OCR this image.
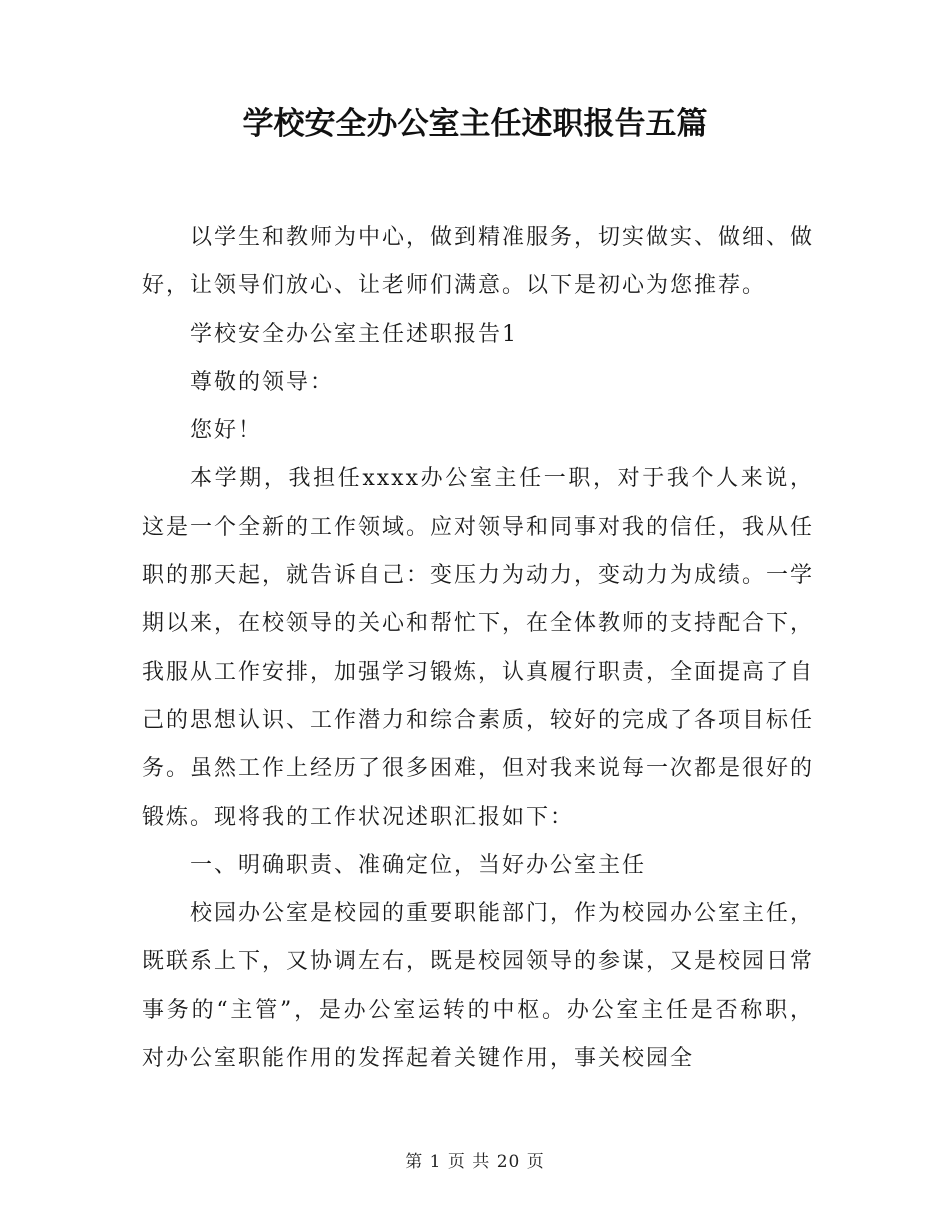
学校安全办公室主任述职报告五篇

以学生和教师为中心，做到精准服务，切实做实、做细、做好，让领导们放心、让老师们满意。以下是初心为您推荐。

学校安全办公室主任述职报告1

尊敬的领导：

您好！

本学期，我担任xxxx办公室主任一职，对于我个人来说，这是一个全新的工作领域。应对领导和同事对我的信任，我从任职的那天起，就告诉自己：变压力为动力，变动力为成绩。一学期以来，在校领导的关心和帮忙下，在全体教师的支持配合下，我服从工作安排，加强学习锻炼，认真履行职责，全面提高了自己的思想认识、工作潜力和综合素质，较好的完成了各项目标任务。虽然工作上经历了很多困难，但对我来说每一次都是很好的锻炼。现将我的工作状况述职汇报如下：

一、明确职责、准确定位，当好办公室主任

校园办公室是校园的重要职能部门，作为校园办公室主任，既联系上下，又协调左右，既是校园领导的参谋，又是校园日常事务的“主管”，是办公室运转的中枢。办公室主任是否称职，对办公室职能作用的发挥起着关键作用，事关校园全

第 1 页 共 20 页
